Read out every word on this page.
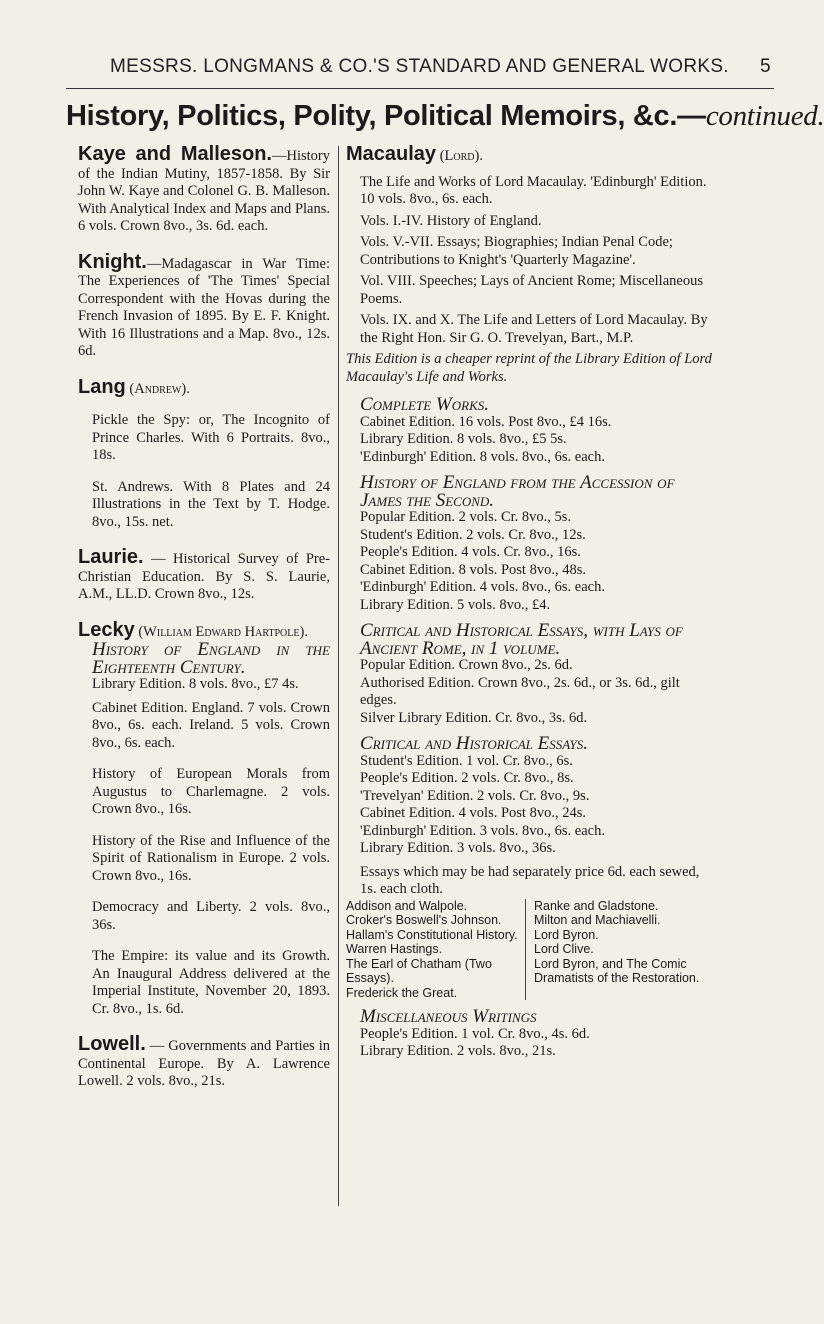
MESSRS. LONGMANS & CO.'S STANDARD AND GENERAL WORKS. 5
History, Politics, Polity, Political Memoirs, &c.—continued.
Kaye and Malleson.—History of the Indian Mutiny, 1857-1858. By Sir John W. Kaye and Colonel G. B. Malleson. With Analytical Index and Maps and Plans. 6 vols. Crown 8vo., 3s. 6d. each.
Knight.—Madagascar in War Time: The Experiences of 'The Times' Special Correspondent with the Hovas during the French Invasion of 1895. By E. F. Knight. With 16 Illustrations and a Map. 8vo., 12s. 6d.

Lang (Andrew).

Pickle the Spy: or, The Incognito of Prince Charles. With 6 Portraits. 8vo., 18s.

St. Andrews. With 8 Plates and 24 Illustrations in the Text by T. Hodge. 8vo., 15s. net.

Laurie. — Historical Survey of Pre-Christian Education. By S. S. Laurie, A.M., LL.D. Crown 8vo., 12s.

Lecky (William Edward Hartpole).

History of England in the Eighteenth Century.

Library Edition. 8 vols. 8vo., £7 4s.

Cabinet Edition. England. 7 vols. Crown 8vo., 6s. each. Ireland. 5 vols. Crown 8vo., 6s. each.

History of European Morals from Augustus to Charlemagne. 2 vols. Crown 8vo., 16s.

History of the Rise and Influence of the Spirit of Rationalism in Europe. 2 vols. Crown 8vo., 16s.

Democracy and Liberty. 2 vols. 8vo., 36s.

The Empire: its value and its Growth. An Inaugural Address delivered at the Imperial Institute, November 20, 1893. Cr. 8vo., 1s. 6d.

Lowell. — Governments and Parties in Continental Europe. By A. Lawrence Lowell. 2 vols. 8vo., 21s.

Macaulay (Lord).

The Life and Works of Lord Macaulay. 'Edinburgh' Edition. 10 vols. 8vo., 6s. each.

Vols. I.-IV. History of England.

Vols. V.-VII. Essays; Biographies; Indian Penal Code; Contributions to Knight's 'Quarterly Magazine'.

Vol. VIII. Speeches; Lays of Ancient Rome; Miscellaneous Poems.

Vols. IX. and X. The Life and Letters of Lord Macaulay. By the Right Hon. Sir G. O. Trevelyan, Bart., M.P.

This Edition is a cheaper reprint of the Library Edition of Lord Macaulay's Life and Works.

Complete Works.

Cabinet Edition. 16 vols. Post 8vo., £4 16s.

Library Edition. 8 vols. 8vo., £5 5s.

'Edinburgh' Edition. 8 vols. 8vo., 6s. each.

History of England from the Accession of James the Second.

Popular Edition. 2 vols. Cr. 8vo., 5s.

Student's Edition. 2 vols. Cr. 8vo., 12s.

People's Edition. 4 vols. Cr. 8vo., 16s.

Cabinet Edition. 8 vols. Post 8vo., 48s.

'Edinburgh' Edition. 4 vols. 8vo., 6s. each.

Library Edition. 5 vols. 8vo., £4.

Critical and Historical Essays, with Lays of Ancient Rome, in 1 volume.

Popular Edition. Crown 8vo., 2s. 6d.

Authorised Edition. Crown 8vo., 2s. 6d., or 3s. 6d., gilt edges.

Silver Library Edition. Cr. 8vo., 3s. 6d.

Critical and Historical Essays.

Student's Edition. 1 vol. Cr. 8vo., 6s.

People's Edition. 2 vols. Cr. 8vo., 8s.

'Trevelyan' Edition. 2 vols. Cr. 8vo., 9s.

Cabinet Edition. 4 vols. Post 8vo., 24s.

'Edinburgh' Edition. 3 vols. 8vo., 6s. each.

Library Edition. 3 vols. 8vo., 36s.

Essays which may be had separately price 6d. each sewed, 1s. each cloth.

Addison and Walpole.
Croker's Boswell's Johnson.
Hallam's Constitutional History.
Warren Hastings.
The Earl of Chatham (Two Essays).
Frederick the Great.
Ranke and Gladstone.
Milton and Machiavelli.
Lord Byron.
Lord Clive.
Lord Byron, and The Comic Dramatists of the Restoration.

Miscellaneous Writings

People's Edition. 1 vol. Cr. 8vo., 4s. 6d.

Library Edition. 2 vols. 8vo., 21s.
